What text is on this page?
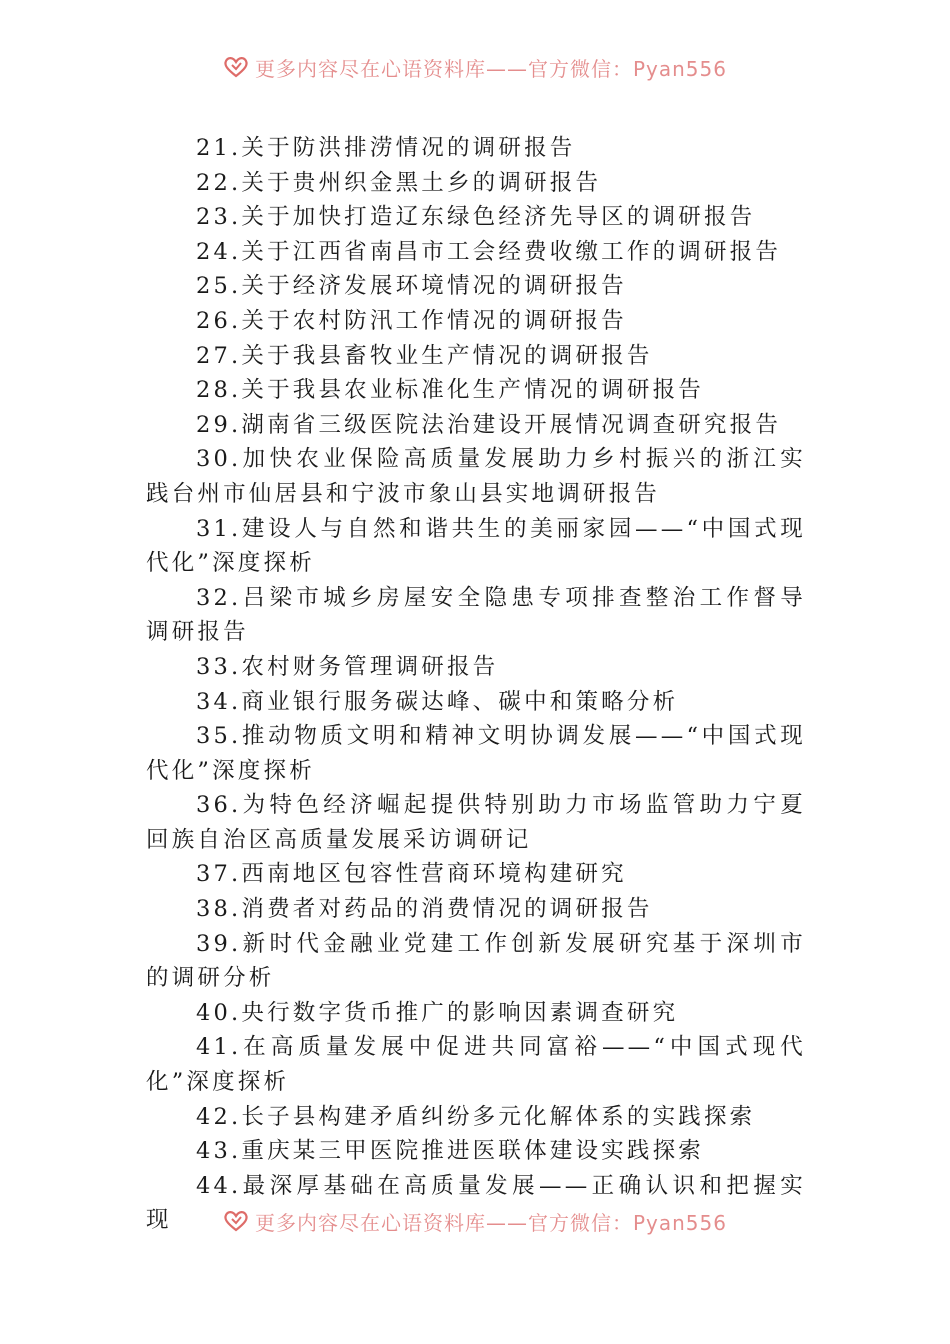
更多内容尽在心语资料库——官方微信：Pyan556

21.关于防洪排涝情况的调研报告

22.关于贵州织金黑土乡的调研报告

23.关于加快打造辽东绿色经济先导区的调研报告

24.关于江西省南昌市工会经费收缴工作的调研报告

25.关于经济发展环境情况的调研报告

26.关于农村防汛工作情况的调研报告

27.关于我县畜牧业生产情况的调研报告

28.关于我县农业标准化生产情况的调研报告

29.湖南省三级医院法治建设开展情况调查研究报告

30.加快农业保险高质量发展助力乡村振兴的浙江实践台州市仙居县和宁波市象山县实地调研报告

31.建设人与自然和谐共生的美丽家园——“中国式现代化”深度探析

32.吕梁市城乡房屋安全隐患专项排查整治工作督导调研报告

33.农村财务管理调研报告

34.商业银行服务碳达峰、碳中和策略分析

35.推动物质文明和精神文明协调发展——“中国式现代化”深度探析

36.为特色经济崛起提供特别助力市场监管助力宁夏回族自治区高质量发展采访调研记

37.西南地区包容性营商环境构建研究

38.消费者对药品的消费情况的调研报告

39.新时代金融业党建工作创新发展研究基于深圳市的调研分析

40.央行数字货币推广的影响因素调查研究

41.在高质量发展中促进共同富裕——“中国式现代化”深度探析

42.长子县构建矛盾纠纷多元化解体系的实践探索

43.重庆某三甲医院推进医联体建设实践探索

44.最深厚基础在高质量发展——正确认识和把握实现	更多内容尽在心语资料库——官方微信：Pyan556
